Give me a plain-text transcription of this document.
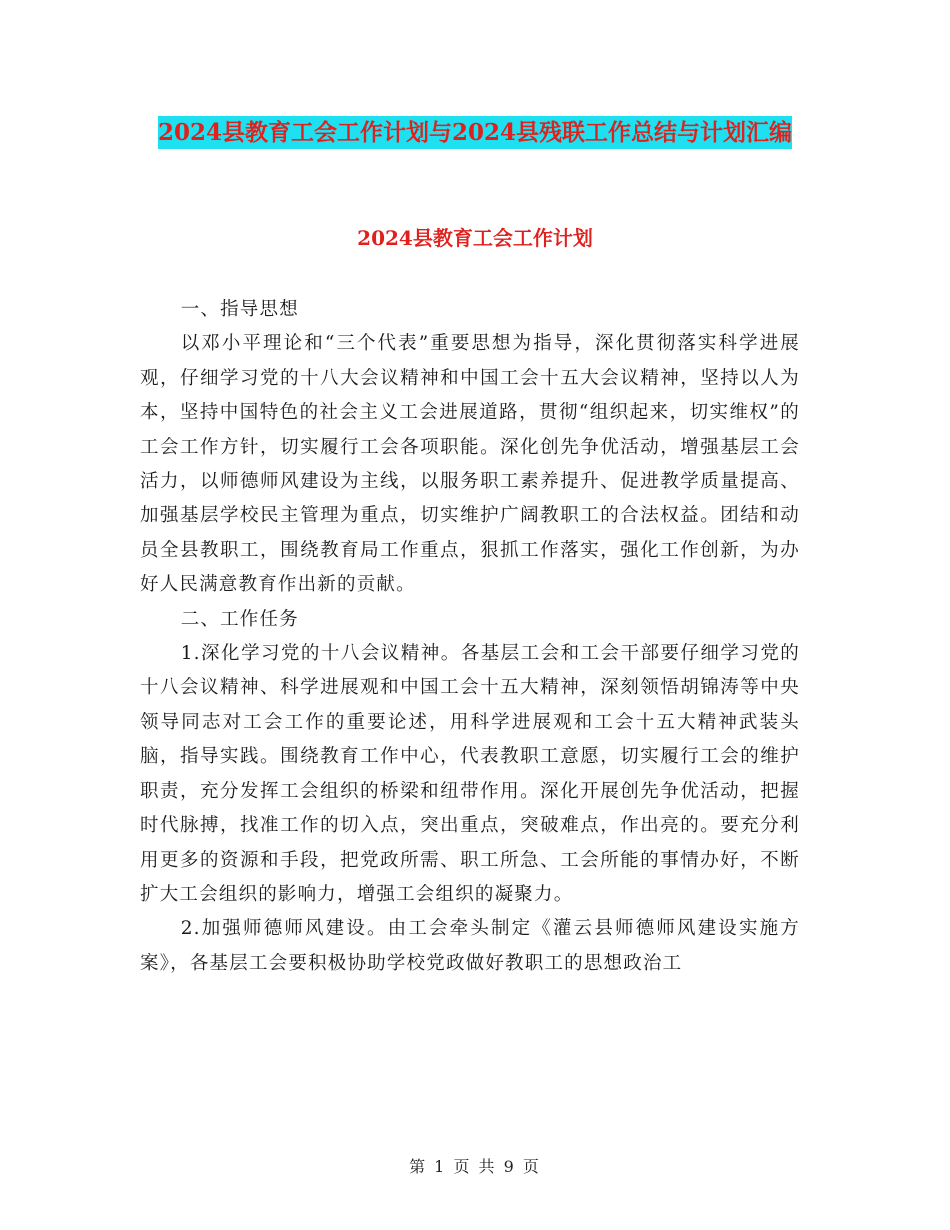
2024县教育工会工作计划与2024县残联工作总结与计划汇编
2024县教育工会工作计划

一、指导思想

以邓小平理论和“三个代表”重要思想为指导，深化贯彻落实科学进展观，仔细学习党的十八大会议精神和中国工会十五大会议精神，坚持以人为本，坚持中国特色的社会主义工会进展道路，贯彻“组织起来，切实维权”的工会工作方针，切实履行工会各项职能。深化创先争优活动，增强基层工会活力，以师德师风建设为主线，以服务职工素养提升、促进教学质量提高、加强基层学校民主管理为重点，切实维护广阔教职工的合法权益。团结和动员全县教职工，围绕教育局工作重点，狠抓工作落实，强化工作创新，为办好人民满意教育作出新的贡献。

二、工作任务

1.深化学习党的十八会议精神。各基层工会和工会干部要仔细学习党的十八会议精神、科学进展观和中国工会十五大精神，深刻领悟胡锦涛等中央领导同志对工会工作的重要论述，用科学进展观和工会十五大精神武装头脑，指导实践。围绕教育工作中心，代表教职工意愿，切实履行工会的维护职责，充分发挥工会组织的桥梁和纽带作用。深化开展创先争优活动，把握时代脉搏，找准工作的切入点，突出重点，突破难点，作出亮的。要充分利用更多的资源和手段，把党政所需、职工所急、工会所能的事情办好，不断扩大工会组织的影响力，增强工会组织的凝聚力。

2.加强师德师风建设。由工会牵头制定《灌云县师德师风建设实施方案》，各基层工会要积极协助学校党政做好教职工的思想政治工

第 1 页 共 9 页
